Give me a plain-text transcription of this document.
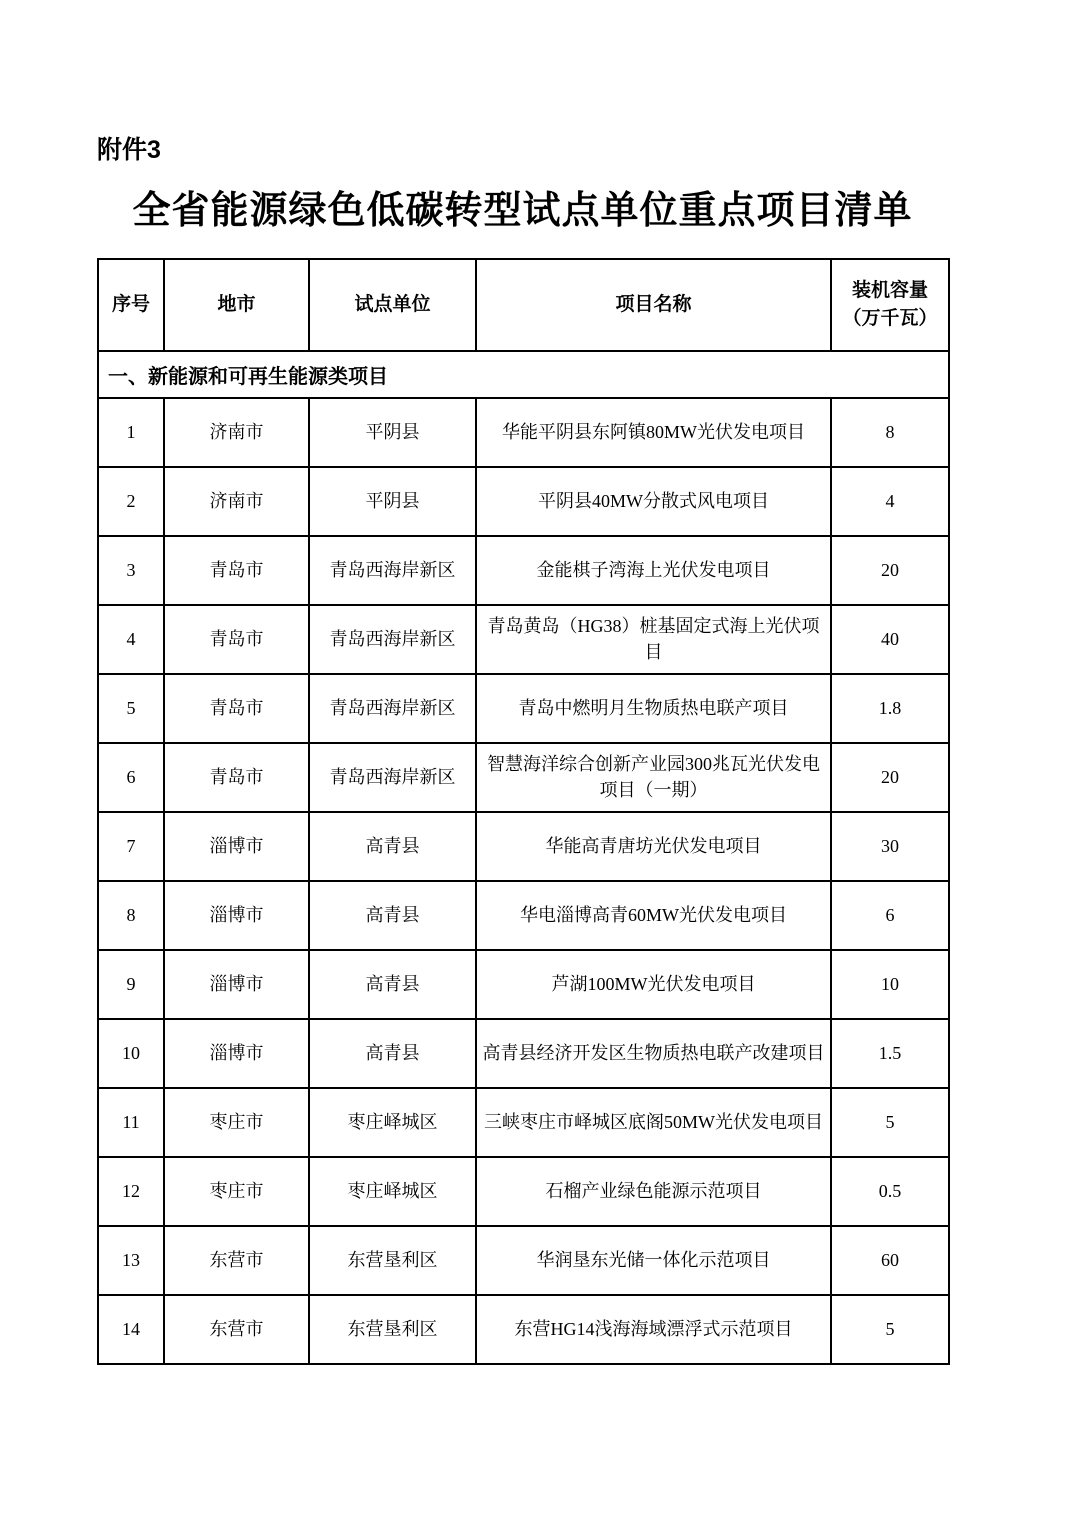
附件3
全省能源绿色低碳转型试点单位重点项目清单
序号	地市	试点单位	项目名称	装机容量（万千瓦）
一、新能源和可再生能源类项目				
1	济南市	平阴县	华能平阴县东阿镇80MW光伏发电项目	8
2	济南市	平阴县	平阴县40MW分散式风电项目	4
3	青岛市	青岛西海岸新区	金能棋子湾海上光伏发电项目	20
4	青岛市	青岛西海岸新区	青岛黄岛（HG38）桩基固定式海上光伏项目	40
5	青岛市	青岛西海岸新区	青岛中燃明月生物质热电联产项目	1.8
6	青岛市	青岛西海岸新区	智慧海洋综合创新产业园300兆瓦光伏发电项目（一期）	20
7	淄博市	高青县	华能高青唐坊光伏发电项目	30
8	淄博市	高青县	华电淄博高青60MW光伏发电项目	6
9	淄博市	高青县	芦湖100MW光伏发电项目	10
10	淄博市	高青县	高青县经济开发区生物质热电联产改建项目	1.5
11	枣庄市	枣庄峄城区	三峡枣庄市峄城区底阁50MW光伏发电项目	5
12	枣庄市	枣庄峄城区	石榴产业绿色能源示范项目	0.5
13	东营市	东营垦利区	华润垦东光储一体化示范项目	60
14	东营市	东营垦利区	东营HG14浅海海域漂浮式示范项目	5
